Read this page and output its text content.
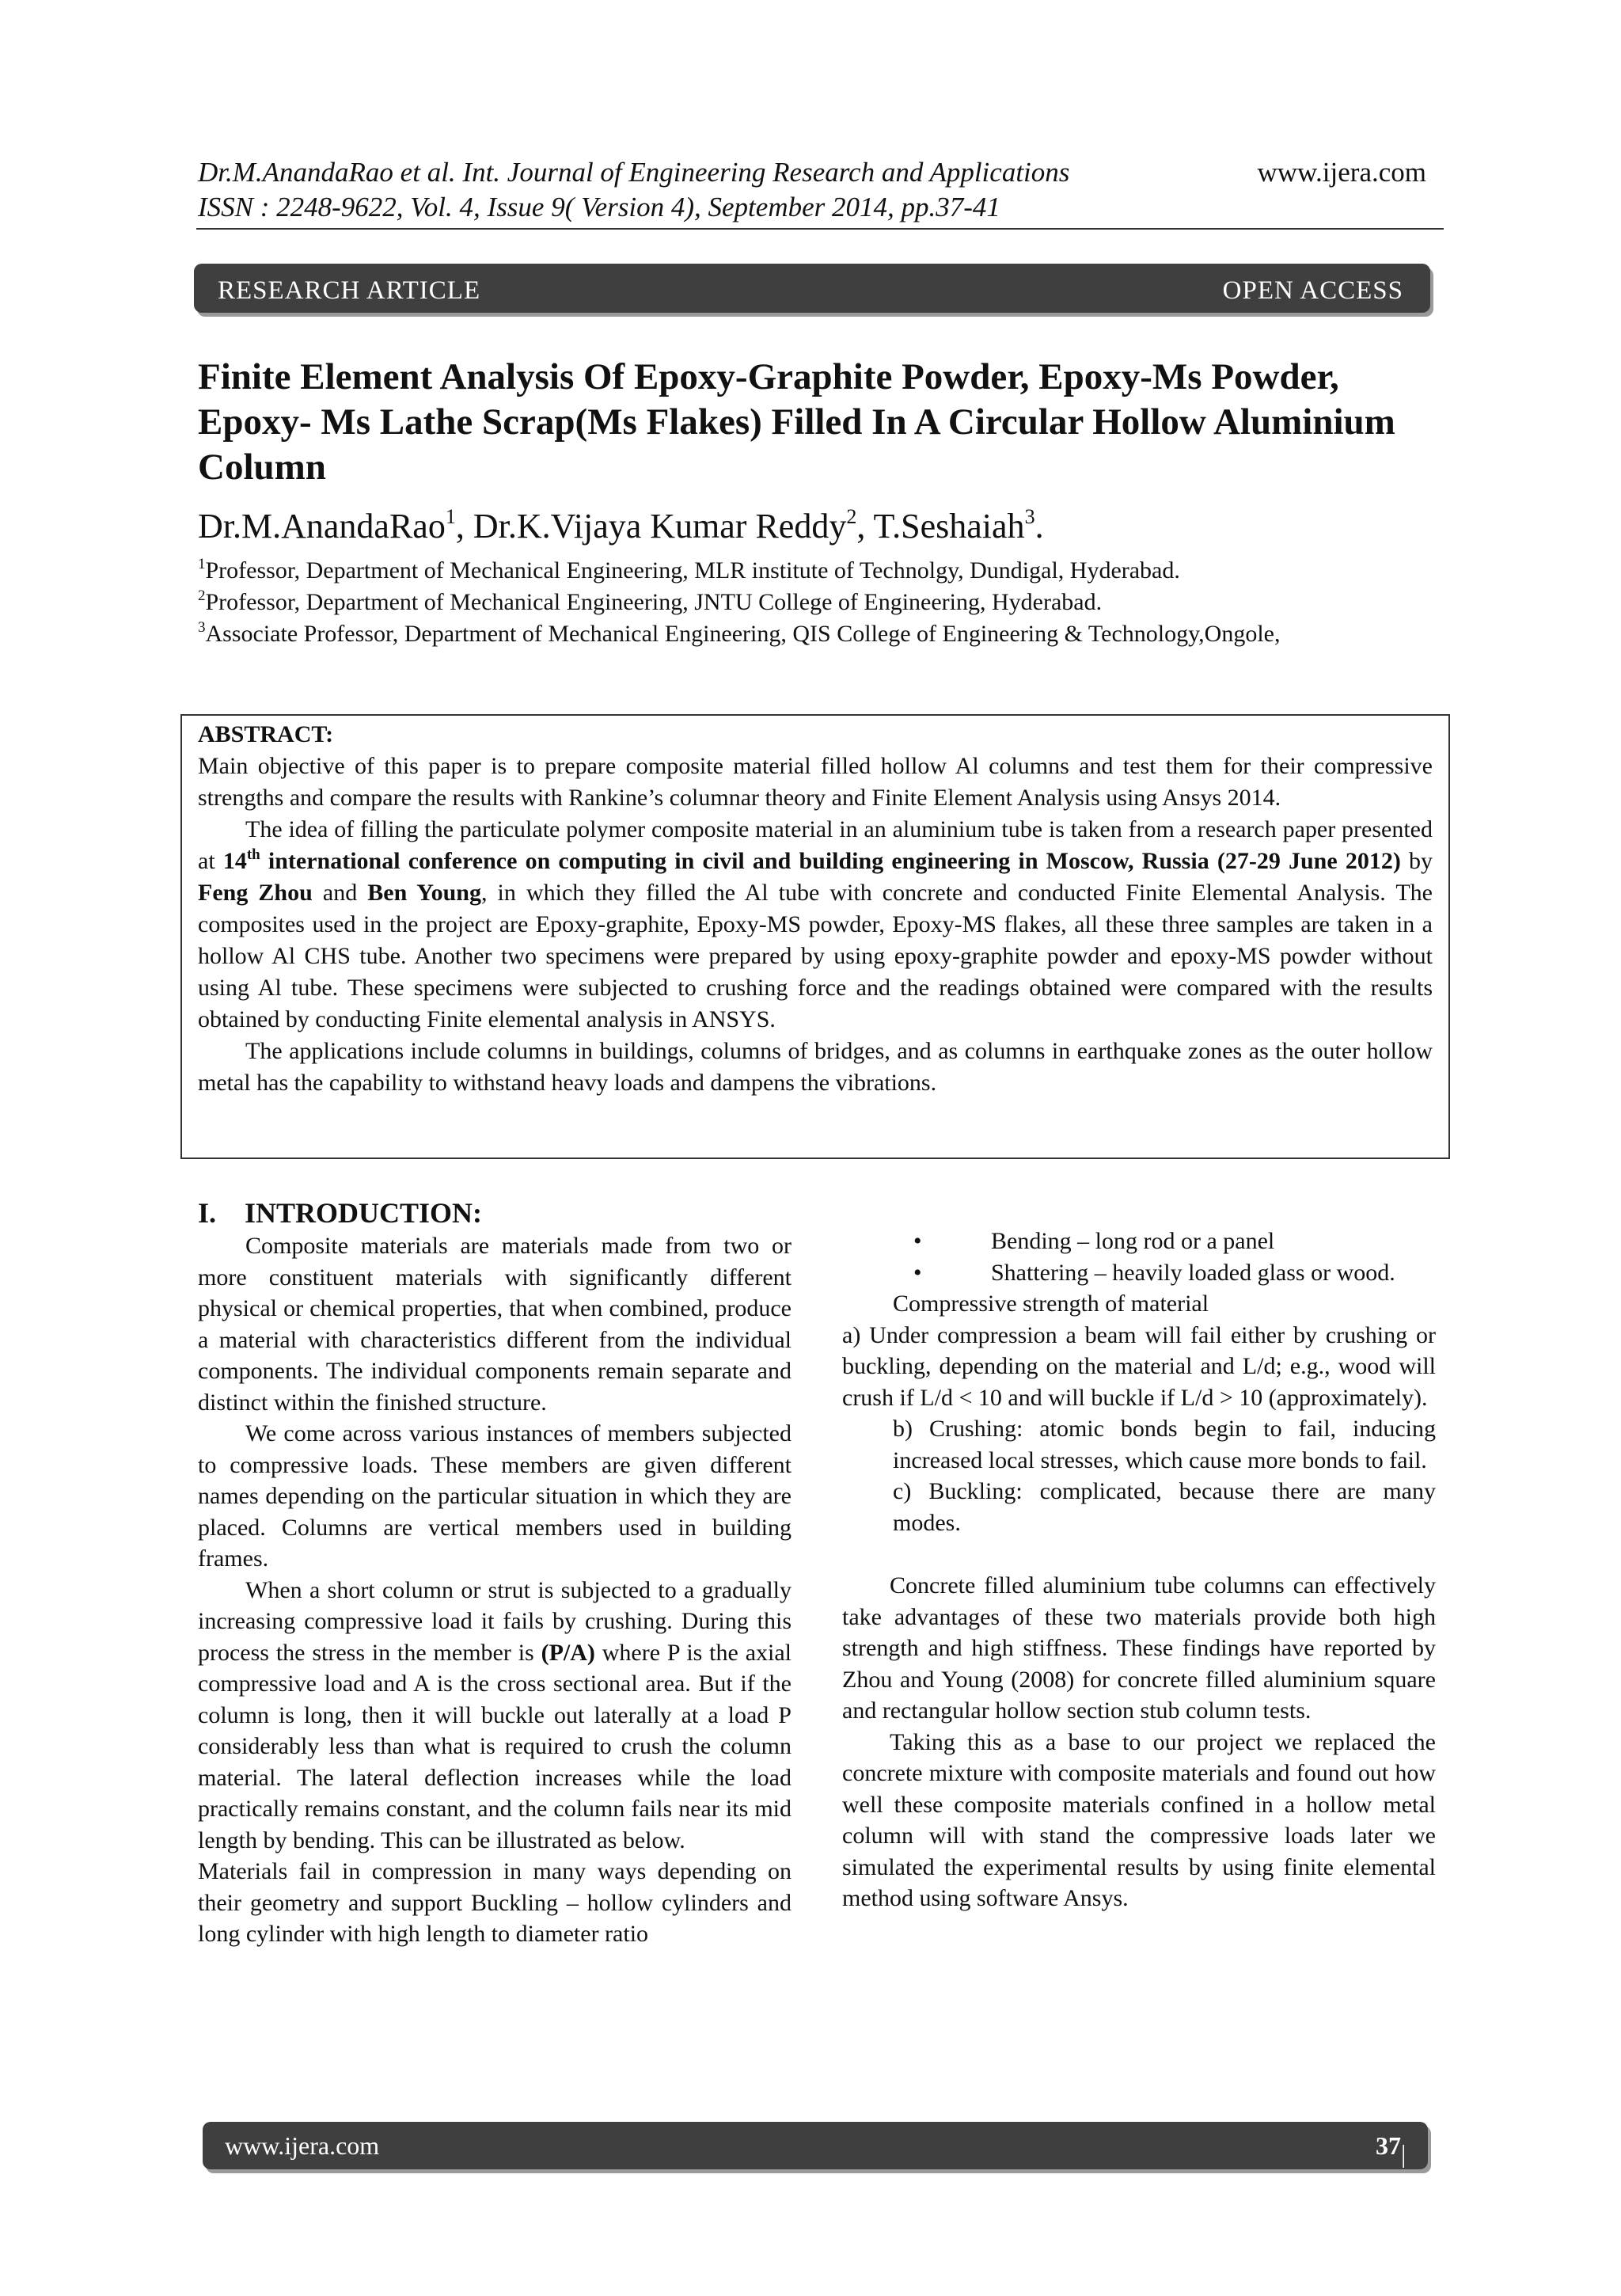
Dr.M.AnandaRao et al. Int. Journal of Engineering Research and Applications
ISSN : 2248-9622, Vol. 4, Issue 9( Version 4), September 2014, pp.37-41
www.ijera.com
RESEARCH ARTICLE	OPEN ACCESS
Finite Element Analysis Of Epoxy-Graphite Powder, Epoxy-Ms Powder, Epoxy- Ms Lathe Scrap(Ms Flakes) Filled In A Circular Hollow Aluminium Column
Dr.M.AnandaRao$^1$, Dr.K.Vijaya Kumar Reddy$^2$, T.Seshaiah$^3$.
$^1$Professor, Department of Mechanical Engineering, MLR institute of Technolgy, Dundigal, Hyderabad.
$^2$Professor, Department of Mechanical Engineering, JNTU College of Engineering, Hyderabad.
$^3$Associate Professor, Department of Mechanical Engineering, QIS College of Engineering & Technology,Ongole,

ABSTRACT:

Main objective of this paper is to prepare composite material filled hollow Al columns and test them for their compressive strengths and compare the results with Rankine’s columnar theory and Finite Element Analysis using Ansys 2014.

The idea of filling the particulate polymer composite material in an aluminium tube is taken from a research paper presented at 14th international conference on computing in civil and building engineering in Moscow, Russia (27-29 June 2012) by Feng Zhou and Ben Young, in which they filled the Al tube with concrete and conducted Finite Elemental Analysis. The composites used in the project are Epoxy-graphite, Epoxy-MS powder, Epoxy-MS flakes, all these three samples are taken in a hollow Al CHS tube. Another two specimens were prepared by using epoxy-graphite powder and epoxy-MS powder without using Al tube. These specimens were subjected to crushing force and the readings obtained were compared with the results obtained by conducting Finite elemental analysis in ANSYS.

The applications include columns in buildings, columns of bridges, and as columns in earthquake zones as the outer hollow metal has the capability to withstand heavy loads and dampens the vibrations.

I.    INTRODUCTION:

Composite materials are materials made from two or more constituent materials with significantly different physical or chemical properties, that when combined, produce a material with characteristics different from the individual components. The individual components remain separate and distinct within the finished structure.

We come across various instances of members subjected to compressive loads. These members are given different names depending on the particular situation in which they are placed. Columns are vertical members used in building frames.

When a short column or strut is subjected to a gradually increasing compressive load it fails by crushing. During this process the stress in the member is (P/A) where P is the axial compressive load and A is the cross sectional area. But if the column is long, then it will buckle out laterally at a load P considerably less than what is required to crush the column material. The lateral deflection increases while the load practically remains constant, and the column fails near its mid length by bending. This can be illustrated as below.

Materials fail in compression in many ways depending on their geometry and support Buckling – hollow cylinders and long cylinder with high length to diameter ratio

•	Bending – long rod or a panel

•	Shattering – heavily loaded glass or wood.

Compressive strength of material

a) Under compression a beam will fail either by crushing or buckling, depending on the material and L/d; e.g., wood will crush if L/d < 10 and will buckle if L/d > 10 (approximately).

b) Crushing: atomic bonds begin to fail, inducing increased local stresses, which cause more bonds to fail.

c) Buckling: complicated, because there are many modes.

Concrete filled aluminium tube columns can effectively take advantages of these two materials provide both high strength and high stiffness. These findings have reported by Zhou and Young (2008) for concrete filled aluminium square and rectangular hollow section stub column tests.

Taking this as a base to our project we replaced the concrete mixture with composite materials and found out how well these composite materials confined in a hollow metal column will with stand the compressive loads later we simulated the experimental results by using finite elemental method using software Ansys.

www.ijera.com	37 | P a g e
